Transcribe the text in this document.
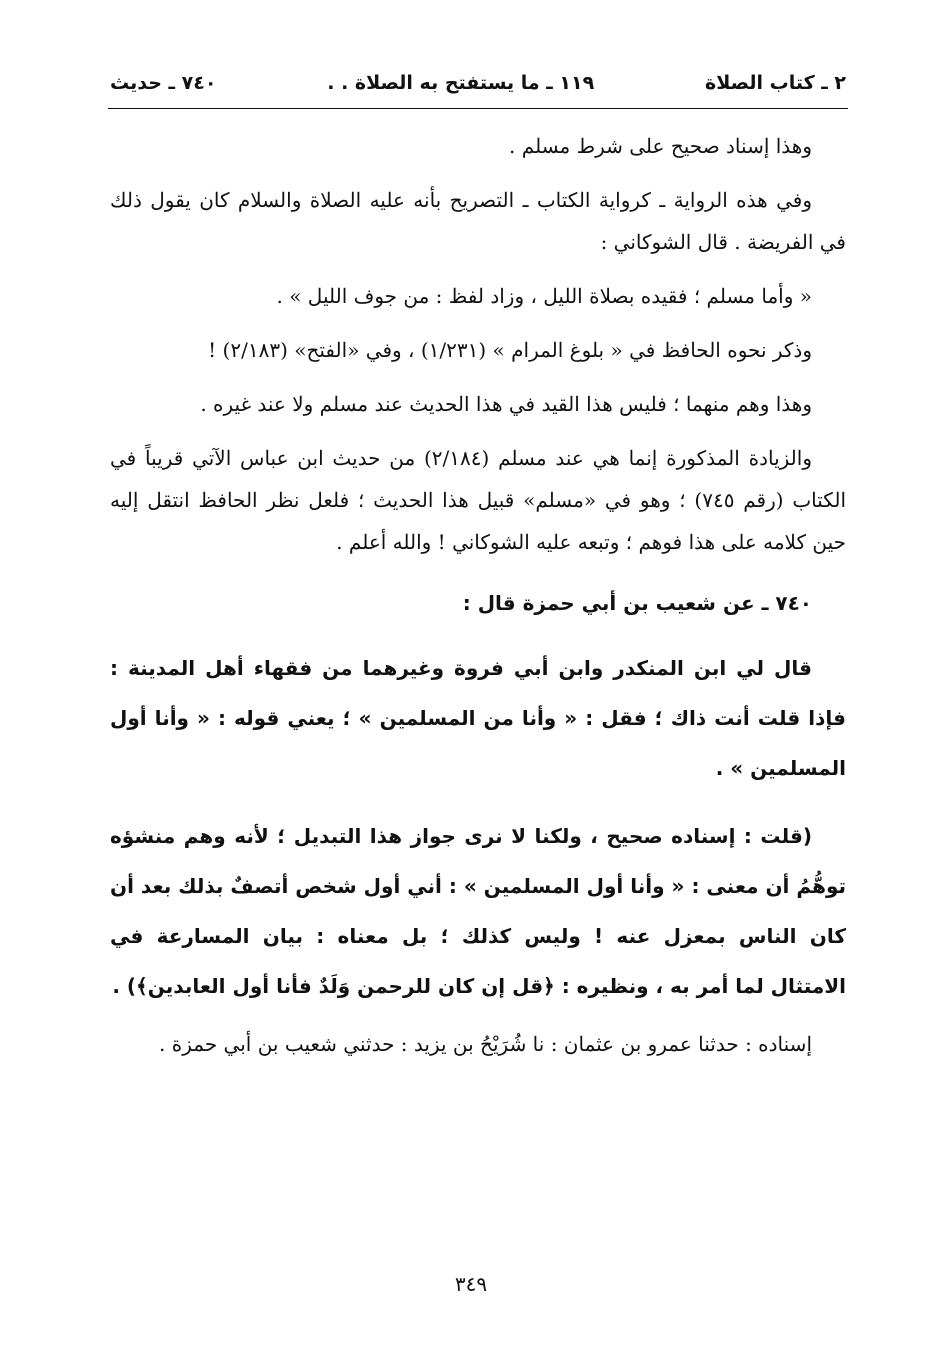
٢ ـ كتاب الصلاة
١١٩ ـ ما يستفتح به الصلاة . .
٧٤٠ ـ حديث

وهذا إسناد صحيح على شرط مسلم .

وفي هذه الرواية ـ كرواية الكتاب ـ التصريح بأنه عليه الصلاة والسلام كان يقول ذلك في الفريضة . قال الشوكاني :

« وأما مسلم ؛ فقيده بصلاة الليل ، وزاد لفظ : من جوف الليل » .

وذكر نحوه الحافظ في « بلوغ المرام » (١/٢٣١) ، وفي «الفتح» (٢/١٨٣) !

وهذا وهم منهما ؛ فليس هذا القيد في هذا الحديث عند مسلم ولا عند غيره .

والزيادة المذكورة إنما هي عند مسلم (٢/١٨٤) من حديث ابن عباس الآتي قريباً في الكتاب (رقم ٧٤٥) ؛ وهو في «مسلم» قبيل هذا الحديث ؛ فلعل نظر الحافظ انتقل إليه حين كلامه على هذا فوهم ؛ وتبعه عليه الشوكاني ! والله أعلم .

٧٤٠ ـ عن شعيب بن أبي حمزة قال :

قال لي ابن المنكدر وابن أبي فروة وغيرهما من فقهاء أهل المدينة : فإذا قلت أنت ذاك ؛ فقل : « وأنا من المسلمين » ؛ يعني قوله : « وأنا أول المسلمين » .

(قلت : إسناده صحيح ، ولكنا لا نرى جواز هذا التبديل ؛ لأنه وهم منشؤه توهُّمُ أن معنى : « وأنا أول المسلمين » : أني أول شخص أتصفٌ بذلك بعد أن كان الناس بمعزل عنه ! وليس كذلك ؛ بل معناه : بيان المسارعة في الامتثال لما أمر به ، ونظيره : ﴿قل إن كان للرحمن وَلَدٌ فأنا أول العابدين﴾) .

إسناده : حدثنا عمرو بن عثمان : نا شُرَيْحُ بن يزيد : حدثني شعيب بن أبي حمزة .

٣٤٩
